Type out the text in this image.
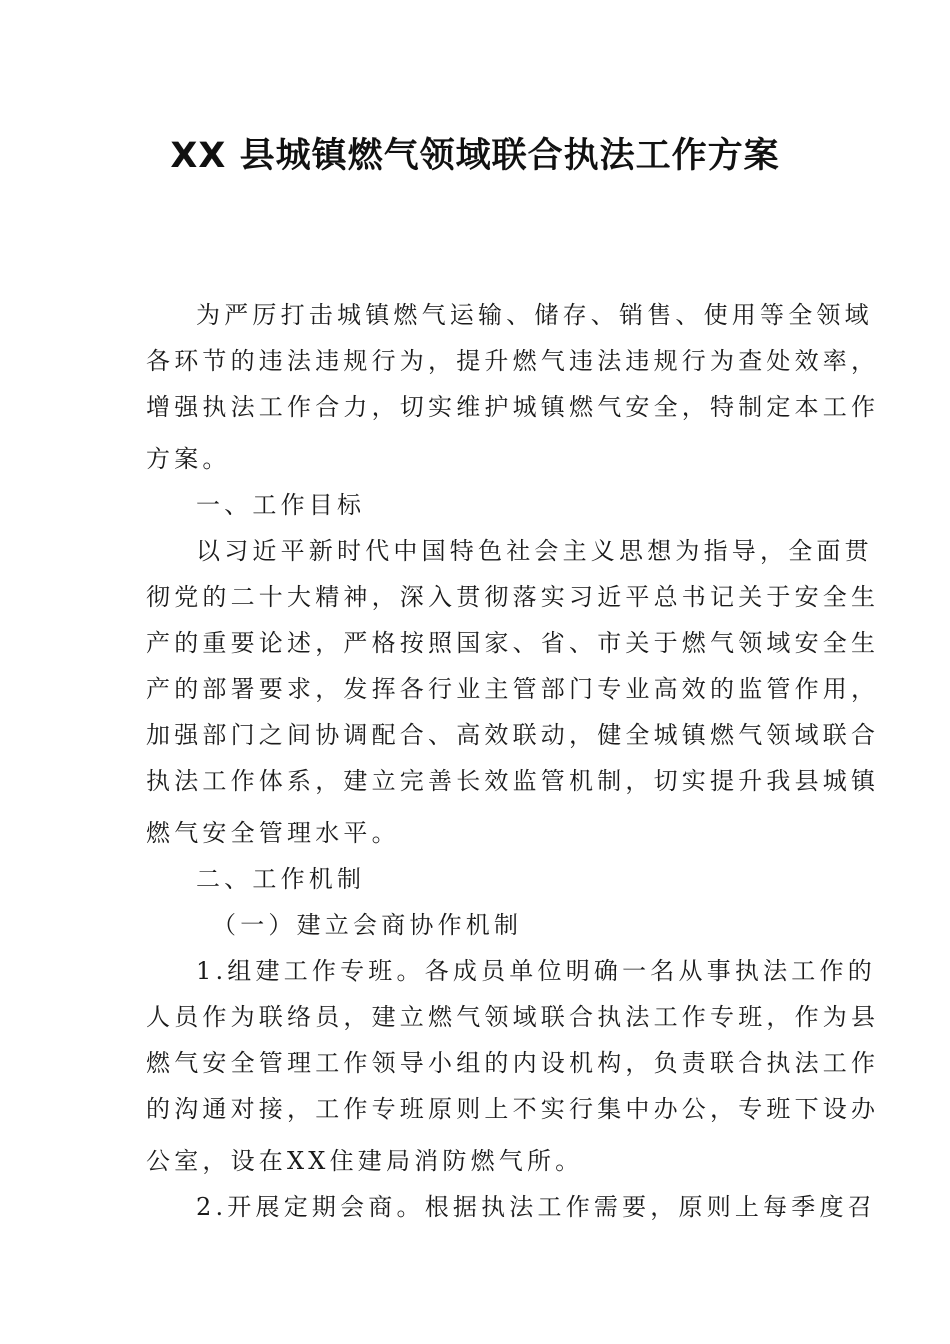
XX 县城镇燃气领域联合执法工作方案
为严厉打击城镇燃气运输、储存、销售、使用等全领域
各环节的违法违规行为，提升燃气违法违规行为查处效率，
增强执法工作合力，切实维护城镇燃气安全，特制定本工作
方案。
一、工作目标
以习近平新时代中国特色社会主义思想为指导，全面贯
彻党的二十大精神，深入贯彻落实习近平总书记关于安全生
产的重要论述，严格按照国家、省、市关于燃气领域安全生
产的部署要求，发挥各行业主管部门专业高效的监管作用，
加强部门之间协调配合、高效联动，健全城镇燃气领域联合
执法工作体系，建立完善长效监管机制，切实提升我县城镇
燃气安全管理水平。
二、工作机制
（一）建立会商协作机制
1.组建工作专班。各成员单位明确一名从事执法工作的
人员作为联络员，建立燃气领域联合执法工作专班，作为县
燃气安全管理工作领导小组的内设机构，负责联合执法工作
的沟通对接，工作专班原则上不实行集中办公，专班下设办
公室，设在XX住建局消防燃气所。
2.开展定期会商。根据执法工作需要，原则上每季度召
